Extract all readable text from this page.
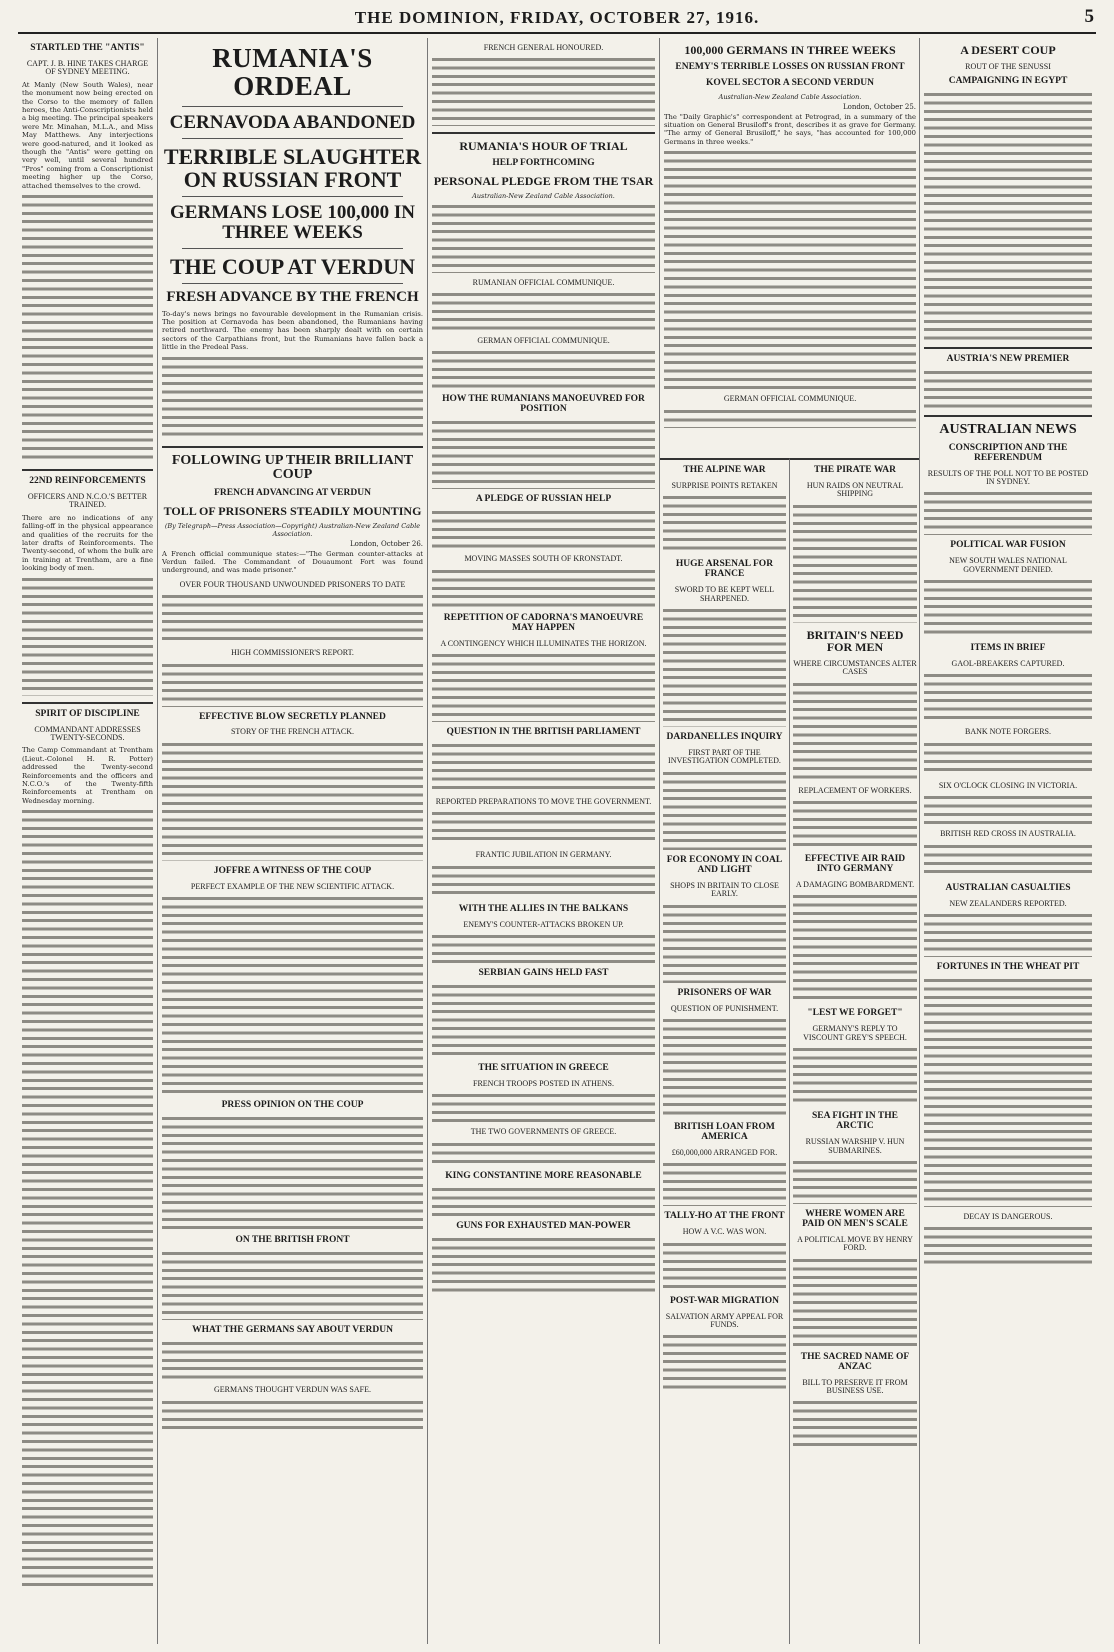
THE DOMINION, FRIDAY, OCTOBER 27, 1916.	5
STARTLED THE "ANTIS"
CAPT. J. B. HINE TAKES CHARGE OF SYDNEY MEETING.

At Manly (New South Wales), near the monument now being erected on the Corso to the memory of fallen heroes, the Anti-Conscriptionists held a big meeting. The principal speakers were Mr. Minahan, M.L.A., and Miss May Matthews. Any interjections were good-natured, and it looked as though the "Antis" were getting on very well, until several hundred "Pros" coming from a Conscriptionist meeting higher up the Corso, attached themselves to the crowd.

22ND REINFORCEMENTS
OFFICERS AND N.C.O.'S BETTER TRAINED.

There are no indications of any falling-off in the physical appearance and qualities of the recruits for the later drafts of Reinforcements. The Twenty-second, of whom the bulk are in training at Trentham, are a fine looking body of men.

SPIRIT OF DISCIPLINE
COMMANDANT ADDRESSES TWENTY-SECONDS.

The Camp Commandant at Trentham (Lieut.-Colonel H. R. Potter) addressed the Twenty-second Reinforcements and the officers and N.C.O.'s of the Twenty-fifth Reinforcements at Trentham on Wednesday morning.

RUMANIA'S ORDEAL
CERNAVODA ABANDONED
TERRIBLE SLAUGHTER ON RUSSIAN FRONT
GERMANS LOSE 100,000 IN THREE WEEKS
THE COUP AT VERDUN
FRESH ADVANCE BY THE FRENCH

To-day's news brings no favourable development in the Rumanian crisis. The position at Cernavoda has been abandoned, the Rumanians having retired northward. The enemy has been sharply dealt with on certain sectors of the Carpathians front, but the Rumanians have fallen back a little in the Predeal Pass.

FOLLOWING UP THEIR BRILLIANT COUP
FRENCH ADVANCING AT VERDUN
TOLL OF PRISONERS STEADILY MOUNTING
(By Telegraph—Press Association—Copyright) Australian-New Zealand Cable Association.
London, October 26.

A French official communique states:—"The German counter-attacks at Verdun failed. The Commandant of Douaumont Fort was found underground, and was made prisoner."

OVER FOUR THOUSAND UNWOUNDED PRISONERS TO DATE
HIGH COMMISSIONER'S REPORT.
EFFECTIVE BLOW SECRETLY PLANNED
STORY OF THE FRENCH ATTACK.
JOFFRE A WITNESS OF THE COUP
PERFECT EXAMPLE OF THE NEW SCIENTIFIC ATTACK.
PRESS OPINION ON THE COUP
ON THE BRITISH FRONT
WHAT THE GERMANS SAY ABOUT VERDUN
GERMANS THOUGHT VERDUN WAS SAFE.
FRENCH GENERAL HONOURED.
RUMANIA'S HOUR OF TRIAL
HELP FORTHCOMING
PERSONAL PLEDGE FROM THE TSAR
Australian-New Zealand Cable Association.
RUMANIAN OFFICIAL COMMUNIQUE.
GERMAN OFFICIAL COMMUNIQUE.
HOW THE RUMANIANS MANOEUVRED FOR POSITION
A PLEDGE OF RUSSIAN HELP
MOVING MASSES SOUTH OF KRONSTADT.
REPETITION OF CADORNA'S MANOEUVRE MAY HAPPEN
A CONTINGENCY WHICH ILLUMINATES THE HORIZON.
QUESTION IN THE BRITISH PARLIAMENT
REPORTED PREPARATIONS TO MOVE THE GOVERNMENT.
FRANTIC JUBILATION IN GERMANY.
WITH THE ALLIES IN THE BALKANS
ENEMY'S COUNTER-ATTACKS BROKEN UP.
SERBIAN GAINS HELD FAST
THE SITUATION IN GREECE
FRENCH TROOPS POSTED IN ATHENS.
THE TWO GOVERNMENTS OF GREECE.
KING CONSTANTINE MORE REASONABLE
GUNS FOR EXHAUSTED MAN-POWER
100,000 GERMANS IN THREE WEEKS
ENEMY'S TERRIBLE LOSSES ON RUSSIAN FRONT
KOVEL SECTOR A SECOND VERDUN
Australian-New Zealand Cable Association.
London, October 25.

The "Daily Graphic's" correspondent at Petrograd, in a summary of the situation on General Brusiloff's front, describes it as grave for Germany. "The army of General Brusiloff," he says, "has accounted for 100,000 Germans in three weeks."

GERMAN OFFICIAL COMMUNIQUE.
THE ALPINE WAR
SURPRISE POINTS RETAKEN
HUGE ARSENAL FOR FRANCE
SWORD TO BE KEPT WELL SHARPENED.
DARDANELLES INQUIRY
FIRST PART OF THE INVESTIGATION COMPLETED.
FOR ECONOMY IN COAL AND LIGHT
SHOPS IN BRITAIN TO CLOSE EARLY.
PRISONERS OF WAR
QUESTION OF PUNISHMENT.
BRITISH LOAN FROM AMERICA
£60,000,000 ARRANGED FOR.
TALLY-HO AT THE FRONT
HOW A V.C. WAS WON.
POST-WAR MIGRATION
SALVATION ARMY APPEAL FOR FUNDS.
THE PIRATE WAR
HUN RAIDS ON NEUTRAL SHIPPING
BRITAIN'S NEED FOR MEN
WHERE CIRCUMSTANCES ALTER CASES
REPLACEMENT OF WORKERS.
EFFECTIVE AIR RAID INTO GERMANY
A DAMAGING BOMBARDMENT.
"LEST WE FORGET"
GERMANY'S REPLY TO VISCOUNT GREY'S SPEECH.
SEA FIGHT IN THE ARCTIC
RUSSIAN WARSHIP V. HUN SUBMARINES.
WHERE WOMEN ARE PAID ON MEN'S SCALE
A POLITICAL MOVE BY HENRY FORD.
THE SACRED NAME OF ANZAC
BILL TO PRESERVE IT FROM BUSINESS USE.
A DESERT COUP
ROUT OF THE SENUSSI
CAMPAIGNING IN EGYPT
AUSTRIA'S NEW PREMIER
AUSTRALIAN NEWS
CONSCRIPTION AND THE REFERENDUM
RESULTS OF THE POLL NOT TO BE POSTED IN SYDNEY.
POLITICAL WAR FUSION
NEW SOUTH WALES NATIONAL GOVERNMENT DENIED.
ITEMS IN BRIEF
GAOL-BREAKERS CAPTURED.
BANK NOTE FORGERS.
SIX O'CLOCK CLOSING IN VICTORIA.
BRITISH RED CROSS IN AUSTRALIA.
AUSTRALIAN CASUALTIES
NEW ZEALANDERS REPORTED.
FORTUNES IN THE WHEAT PIT
DECAY IS DANGEROUS.
